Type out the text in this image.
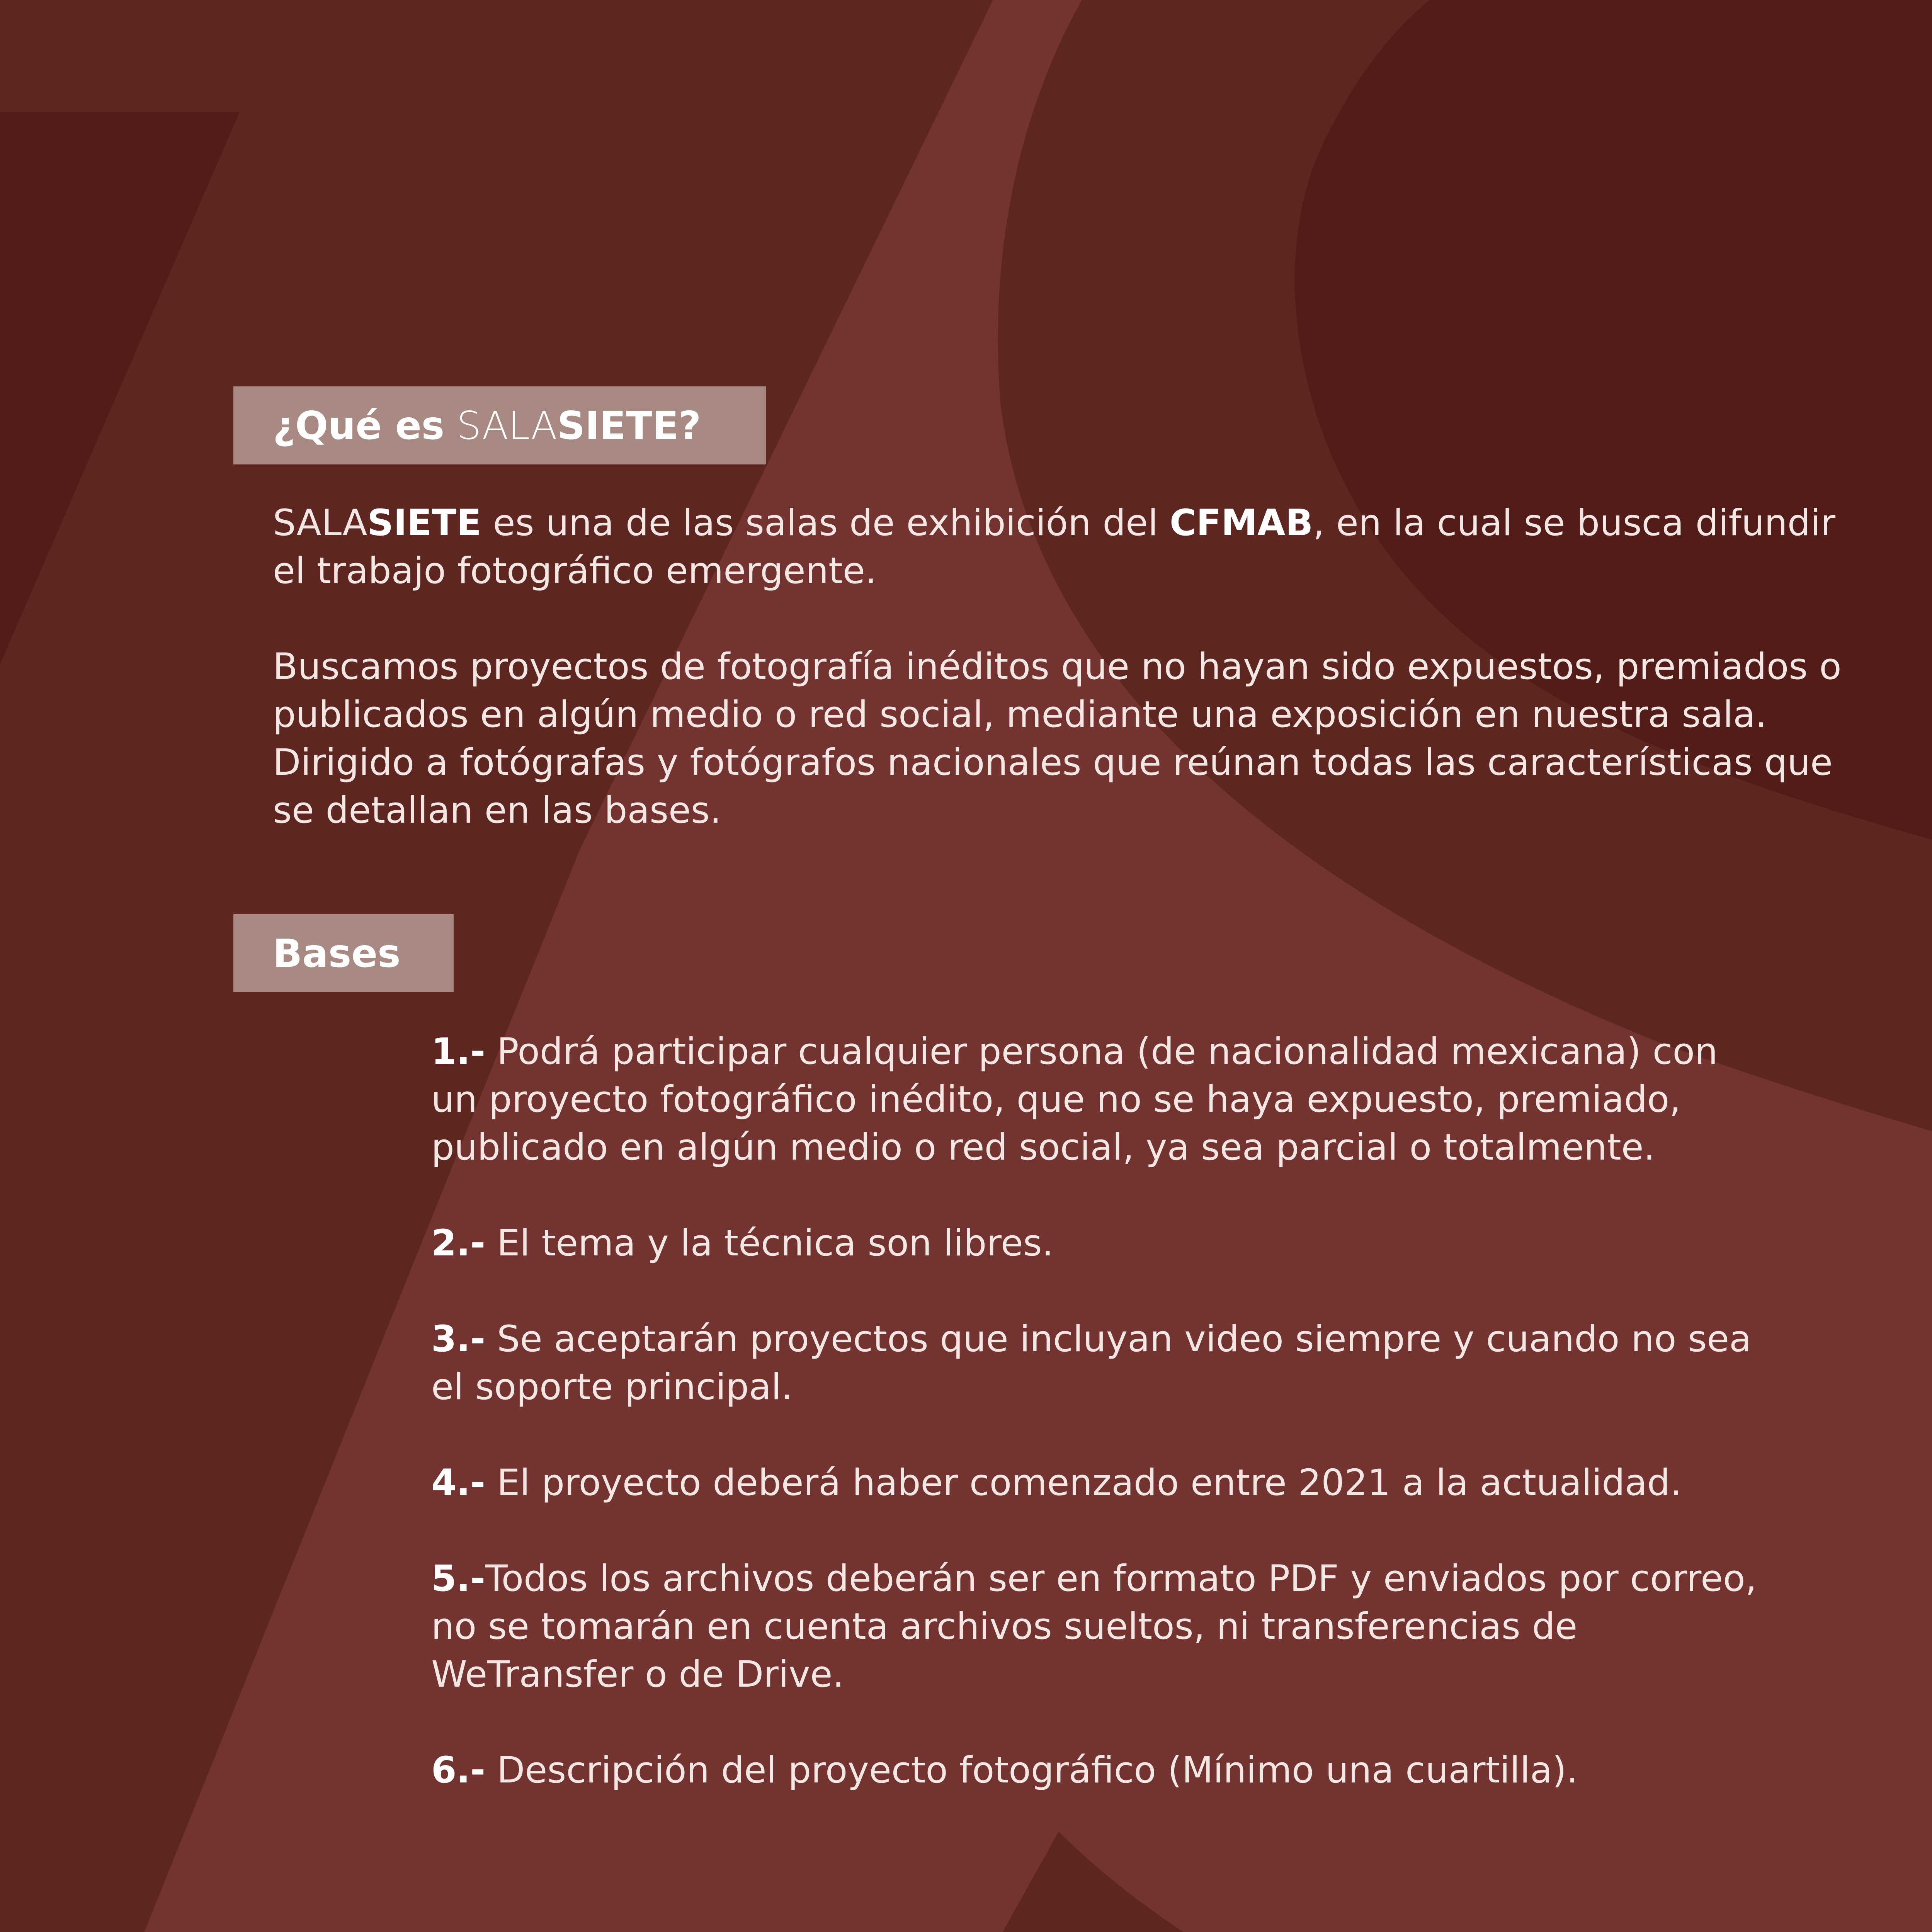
¿Qué es
SALA SIETE?

SALASIETE es una de las salas de exhibición del CFMAB, en la cual se busca difundir el trabajo fotográfico emergente.

Buscamos proyectos de fotografía inéditos que no hayan sido expuestos, premiados o publicados en algún medio o red social, mediante una exposición en nuestra sala. Dirigido a fotógrafas y fotógrafos nacionales que reúnan todas las características que se detallan en las bases.

Bases
1.- Podrá participar cualquier persona (de nacionalidad mexicana) con un proyecto fotográfico inédito, que no se haya expuesto, premiado, publicado en algún medio o red social, ya sea parcial o totalmente.
2.- El tema y la técnica son libres.
3.- Se aceptarán proyectos que incluyan video siempre y cuando no sea el soporte principal.
4.- El proyecto deberá haber comenzado entre 2021 a la actualidad.
5.-Todos los archivos deberán ser en formato PDF y enviados por correo, no se tomarán en cuenta archivos sueltos, ni transferencias de WeTransfer o de Drive.
6.- Descripción del proyecto fotográfico (Mínimo una cuartilla).
